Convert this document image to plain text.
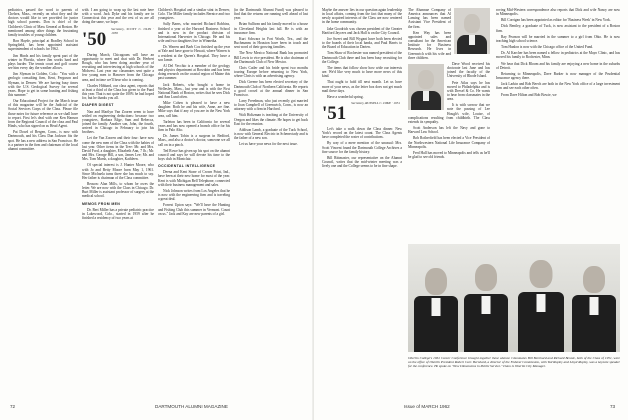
pediatrics, passed the word to parents of Chelsea, Mass., recently on what they and the doctors would like to see provided for junior high school parents. Don is chief of the Children's Clinic of Mass General at Boston. He mentioned among other things the frustrating family troubles of young children.

Ron Hayde, principal at Bradley School in Springfield, has been appointed assistant superintendent of schools for 1962.

Jim Hinds and his family spent part of the winter in Florida, where Jim works hard and plays harder. The tennis court and golf course see him every day the weather allows.

Jim Slyman in Golden, Colo.: "You with a geologic consulting firm, Kent, Ferguson and Slyman, in Denver. We are having busy times with the U.S. Geological Survey for several years. Hope to get in some hunting and fishing this summer."

Our Educational Project for the March issue of this magazine will be the Judicial of the Social Services Corps of the Class. Please file those notes for future reference as we shall have to report. First let's deal with one Ken Hanson from the Regional Council of the class and Paul Hinds, who has signed on as Head Agent.

Pat Dowd of Bergen, Conn., is now with Dartmouth, and his Class Dan Jackson fits the spot. He has a new address in San Francisco. He is a partner in the firm and chairman of the local alumni committee.

with. I am going to wrap up the last note here with a word. Jack Dyke and his family are in Connecticut this year and the rest of us are all doing the same, we hope.

'50	Secretary, SCOTT C. OLIN · 1950

During March, Chicagoans will have an opportunity to meet and chat with Dr. Herbert Rough, who has been doing another year of recruiting and interviewing at high schools of the Midwest. Last year our classmates sent quite a few young men to Hanover from the Chicago area, and in time we'll hear who is coming.

Charles Hibbard, our class agent, reports that at least a third of the Class has given to the Fund this year. That is not quite the 100% he had hoped for, but he thanks you all.

DIAPER DIGEST

Nan and Marilyn Van Zooren seem to have settled on engineering deductions: because two youngsters, Barbara Edge, Sam and Rebecca, joined the family. Another son, John, the fourth, arrived in Chicago in February to join his brothers.

Let the Van Zooren and their four: have now come the new men of the Class with the babies of last year. Other items in the Tree: Mr. and Mrs. David Ford, a daughter, Elizabeth Ann, 7 lb.; Mr. and Mrs. George Hill, a son, James Lee; Mr. and Mrs. Tom Marsh, a daughter, Kathleen.

Of special interest is J. Hunter Moore, who with Jo and Betty Moore born May 1, 1961. Since Michaela turns three she has much to say. Her father is chairman of the Class committee.

Reason: Alan Mills, to whom he owes the letter. We are now with the Class in Chicago. Dr. Burt Miller is assistant professor of surgery at the medical school.

MEMOS FROM MEN

Dr. Bert Miller has a private pediatric practice in Lakewood, Colo., started in 1959 after he finished a residency of two years at

Children's Hospital and a similar stint in Denver, Colo. The Miller family includes Bernice and two youngsters.

Sally Barns, who married Richard Robbins, finished a year at the Harvard Business School and is now in the product division of International Harvester in Chicago. He and his wife and two daughters live in Winnetka.

Dr. Warren and Barb Cox finished up the year at Yale and have gone to Hawaii, where Warren is a resident at the Queen's Hospital. They have a son Jamie.

Al Del Vecchio is a member of the geology and physics department at Bowdoin and has been doing research on the coastal region of Maine this past summer.

Jack Roberts, who bought a home in Wellesley, Mass., last year and is with the First National Bank of Boston, writes that he sees Dick and Ann Lund often.

Mike Cohen is pleased to have a new daughter. Both he and his wife, Anne, are fine. Mike says that if any of you are in the New York area, call him.

Tarleton has been in California for several years and has now opened a branch office for his firm in Palo Alto.

Dr. James Tobin is a surgeon in Bedford, Mass., and also a doctor's doctor, someone we all call on in a pinch.

Ted Rowe has given up his spot on the alumni council and says he will devote his time to the boys club in Montclair.

OCCIDENTAL INTELLIGENCE

Deena and Kent Stone of Crown Point, Ind., have been at their new home for most of the year. Kent is with Michigan Bell Telephone, connected with their business management and sales.

Nick Johnson writes from Los Angeles that he is now with the engineering firm and is traveling a great deal.

Forrest Upton says: "We'll have the Hunting and Fishing Club this summer in Vermont. Count on us." Jack and Kay are new parents of a girl.

(in the Dartmouth Alumni Fund) was pleased to find that the returns are running well ahead of last year.

Brian Sullivan and his family moved to a house in Cleveland Heights last fall. He is with an insurance firm.

Kurt Schwarz in Fort Worth, Tex., and the Buchmanns in Houston have been in touch and sent word of their growing families.

The New Mexico National Bank has promoted Bill Lewis to vice president. He is also chairman of the Dartmouth Club of New Mexico.

Chris Cutler and his bride spent two months touring Europe before returning to New York, where Chris is with an advertising agency.

Dick Greene has been elected secretary of the Dartmouth Club of Northern California. He reports a good crowd at the annual dinner in San Francisco.

Larry Freedman, who just recently got married to Joan Campbell of Greenwich, Conn., is now an attorney with a firm in Hartford.

Walt Holtzman is teaching at the University of Oregon and likes the climate. He hopes to get back East for the reunion.

Addison Lamb, a graduate of the Tuck School, is now with General Electric in Schenectady and is the father of a new son.

Let us have your news for the next issue.

72	DARTMOUTH ALUMNI MAGAZINE

Maybe the answer lies in our question again leadership in local affairs, coming from the fact that many of the newly acquired interests of the Class are now centered in the home community.

Jake Goodrich was chosen president of the Greater Hartford Jaycees and Jack Hall is on the City Council.

Joe Sweet and Bill Wygant have both been elected to the boards of their local banks, and Paul Harris to the Board of Education in Darien.

Tom Shaw of Rochester was named president of the Dartmouth Club there and has been busy recruiting for the College.

The items that follow show how wide our interests are. We'd like very much to have more news of this kind.

That ought to hold till next month. Let us have more of your news, as the letter box does not get much mail these days.

Have a wonderful spring.

'51	Secretary, RUSSELL C. DIKE · 1951

Let's take a walk down the Class dinner. New York's record on the latest count. The Class Agents have completed the roster of contributions.

By way of a mere mention of the unusual: Mrs. Scott Vincent found the Dartmouth College Archives a fine source for the family history.

Bill Rittmaster, our representative on the Alumni Council, writes that the mid-winter meeting was a lively one and the College seems to be in fine shape.

The Alumnae Company of America announces that Al Lansing has been named Assistant Vice President of the firm.

Ken Way has been appointed sales and consultant for the American Institute for Business Research. He lives in Greenwich with his wife and three children.

Dave Wood received his doctorate last June and has joined the faculty of the University of Rhode Island.

Pete Atlas says he has moved to Philadelphia and is with Drexel & Co. He wants to hear from classmates in the area.

It is with sorrow that we note the passing of Lee Hough's wife, Louise, of complications resulting from childbirth. The Class extends its sympathy.

Scott Anderson has left the Navy and gone to Harvard Law School.

Bob Rotherfield has been elected a Vice President of the Northwestern National Life Insurance Company of Minneapolis.

Ferd Hall has moved to Minneapolis and tells us he'll be glad to see old friends.

roving Mid-Western correspondence also reports that Dick and wife Nancy are now in Minneapolis.

Bill Corrigan has been appointed as editor for 'Business Week' in New York.

Dick Bentley, a graduate of Tuck, is now assistant to the president of a Boston firm.

Ray Pearson will be married in the summer to a girl from Ohio. He is now teaching high school science.

Tom Hanlon is now with the Chicago office of the United Fund.

Dr. Al Karcher has been named a fellow in pediatrics at the Mayo Clinic, and has moved his family to Rochester, Minn.

We hear that Dick Bloom and his family are enjoying a new home in the suburbs of Detroit.

Returning to Minneapolis, Dave Barker is now manager of the Prudential Insurance agency there.

Jack Larkin and Rob Beech are both in the New York office of a large investment firm and see each other often.

From Dave Hilton and Bob Bowie, we

Oberlin College's 1961 Career Conference brought together these alumni. Classmates Bill Bernhard and Richard Bennie, both of the Class of 1951, were on the office of Oberlin President Robert Carr. Bernhard, a director of the Federal Commission, with Ted Rupley and Lloyd Rupley, was a keynote speaker for the conference. He spoke on "New Dimensions in Public Service." Dunn is Oberlin City Manager.
Issue of MARCH 1962	73
